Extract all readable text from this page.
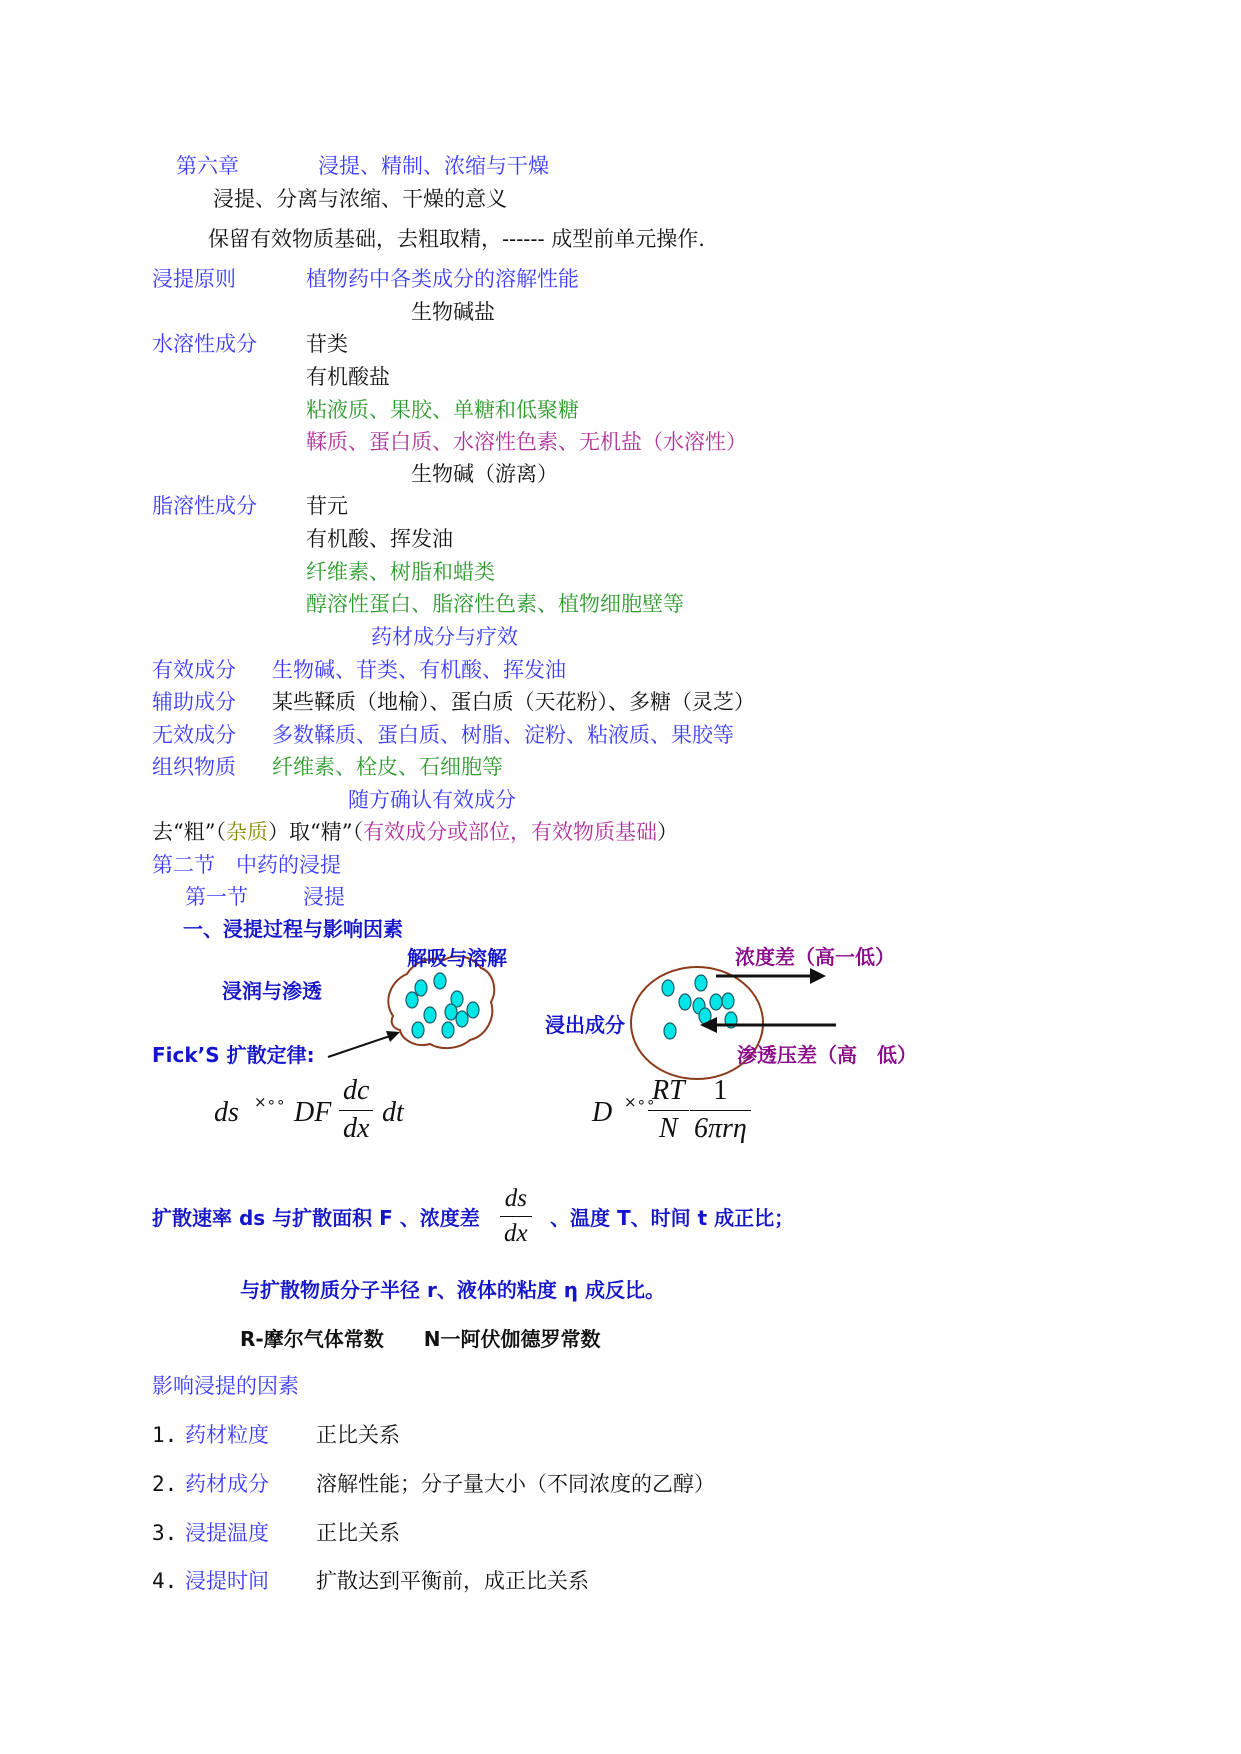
第六章	浸提、精制、浓缩与干燥
浸提、分离与浓缩、干燥的意义
保留有效物质基础，去粗取精，------ 成型前单元操作.
浸提原则	植物药中各类成分的溶解性能
生物碱盐
水溶性成分 苷类
有机酸盐
粘液质、果胶、单糖和低聚糖
鞣质、蛋白质、水溶性色素、无机盐（水溶性）
生物碱（游离）
脂溶性成分 苷元
有机酸、挥发油
纤维素、树脂和蜡类
醇溶性蛋白、脂溶性色素、植物细胞壁等
药材成分与疗效
有效成分 生物碱、苷类、有机酸、挥发油
辅助成分 某些鞣质（地榆）、蛋白质（天花粉）、多糖（灵芝）
无效成分 多数鞣质、蛋白质、树脂、淀粉、粘液质、果胶等
组织物质 纤维素、栓皮、石细胞等
随方确认有效成分
去“粗”（杂质）取“精”（有效成分或部位，有效物质基础）
第二节　中药的浸提
第一节	浸提
一、浸提过程与影响因素
解吸与溶解
浸润与渗透
浸出成分
浓度差（高一低）
渗透压差（高　低）
Fick’S 扩散定律:
ds ×∘∘ DF
dc
dx
dt	D ×∘∘
RT
N
1
6πrη
扩散速率 ds 与扩散面积 F 、浓度差
ds
dx
、温度 T、时间 t 成正比；
与扩散物质分子半径 r、液体的粘度 η 成反比。
R-摩尔气体常数　　N一阿伏伽德罗常数
影响浸提的因素
1. 药材粒度 正比关系
2. 药材成分 溶解性能；分子量大小（不同浓度的乙醇）
3. 浸提温度 正比关系
4. 浸提时间 扩散达到平衡前，成正比关系
